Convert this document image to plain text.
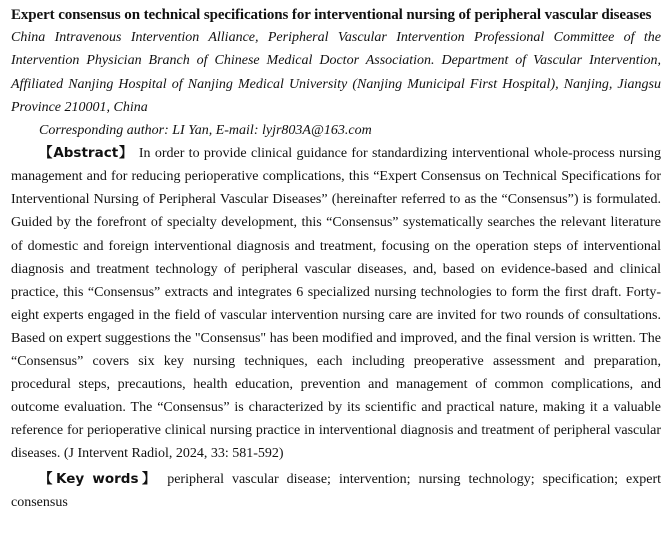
Expert consensus on technical specifications for interventional nursing of peripheral vascular diseases
China Intravenous Intervention Alliance, Peripheral Vascular Intervention Professional Committee of the Intervention Physician Branch of Chinese Medical Doctor Association. Department of Vascular Intervention, Affiliated Nanjing Hospital of Nanjing Medical University (Nanjing Municipal First Hospital), Nanjing, Jiangsu Province 210001, China
Corresponding author: LI Yan, E-mail: lyjr803A@163.com
【Abstract】 In order to provide clinical guidance for standardizing interventional whole-process nursing management and for reducing perioperative complications, this “Expert Consensus on Technical Specifications for Interventional Nursing of Peripheral Vascular Diseases” (hereinafter referred to as the “Consensus”) is formulated. Guided by the forefront of specialty development, this “Consensus” systematically searches the relevant literature of domestic and foreign interventional diagnosis and treatment, focusing on the operation steps of interventional diagnosis and treatment technology of peripheral vascular diseases, and, based on evidence-based and clinical practice, this “Consensus” extracts and integrates 6 specialized nursing technologies to form the first draft. Forty-eight experts engaged in the field of vascular intervention nursing care are invited for two rounds of consultations. Based on expert suggestions the "Consensus" has been modified and improved, and the final version is written. The “Consensus” covers six key nursing techniques, each including preoperative assessment and preparation, procedural steps, precautions, health education, prevention and management of common complications, and outcome evaluation. The “Consensus” is characterized by its scientific and practical nature, making it a valuable reference for perioperative clinical nursing practice in interventional diagnosis and treatment of peripheral vascular diseases. (J Intervent Radiol, 2024, 33: 581-592)
【Key words】 peripheral vascular disease; intervention; nursing technology; specification; expert consensus
